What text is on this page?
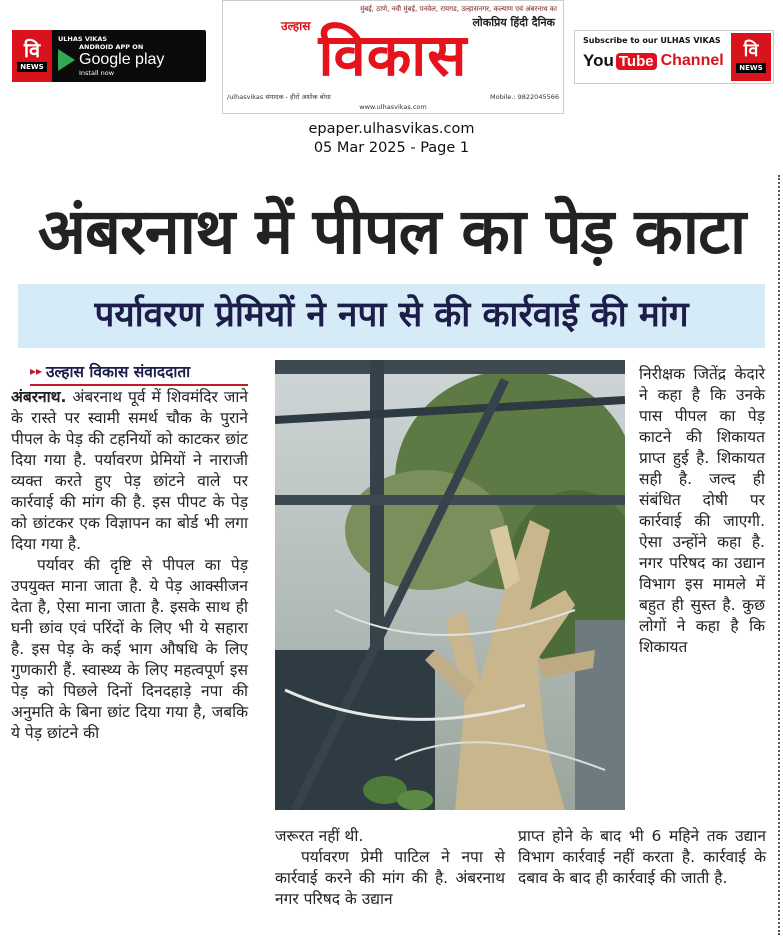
वि
NEWS
ULHAS VIKAS
ANDROID APP ON
Google play
Install now
मुंबई, ठाणे, नवी मुंबई, पनवेल, रायगड, उल्हासनगर, कल्याण एवं अंबरनाथ का
लोकप्रिय हिंदी दैनिक
उल्हास विकास
/ulhasvikas संपादक - हीरो अशोक बोधा	Mobile.: 9822045566
www.ulhasvikas.com
Subscribe to our ULHAS VIKAS
You Tube Channel वि
NEWS
epaper.ulhasvikas.com
05 Mar 2025 - Page 1
अंबरनाथ में पीपल का पेड़ काटा
पर्यावरण प्रेमियों ने नपा से की कार्रवाई की मांग
▸▸ उल्हास विकास संवाददाता

अंबरनाथ. अंबरनाथ पूर्व में शिवमंदिर जाने के रास्ते पर स्वामी समर्थ चौक के पुराने पीपल के पेड़ की टहनियों को काटकर छांट दिया गया है. पर्यावरण प्रेमियों ने नाराजी व्यक्त करते हुए पेड़ छांटने वाले पर कार्रवाई की मांग की है. इस पीपट के पेड़ को छांटकर एक विज्ञापन का बोर्ड भी लगा दिया गया है.

पर्यावर की दृष्टि से पीपल का पेड़ उपयुक्त माना जाता है. ये पेड़ आक्सीजन देता है, ऐसा माना जाता है. इसके साथ ही घनी छांव एवं परिंदों के लिए भी ये सहारा है. इस पेड़ के कई भाग औषधि के लिए गुणकारी हैं. स्वास्थ्य के लिए महत्वपूर्ण इस पेड़ को पिछले दिनों दिनदहाड़े नपा की अनुमति के बिना छांट दिया गया है, जबकि ये पेड़ छांटने की

निरीक्षक जितेंद्र केदारे ने कहा है कि उनके पास पीपल का पेड़ काटने की शिकायत प्राप्त हुई है. शिकायत सही है. जल्द ही संबंधित दोषी पर कार्रवाई की जाएगी. ऐसा उन्होंने कहा है. नगर परिषद का उद्यान विभाग इस मामले में बहुत ही सुस्त है. कुछ लोगों ने कहा है कि शिकायत

जरूरत नहीं थी.

पर्यावरण प्रेमी पाटिल ने नपा से कार्रवाई करने की मांग की है. अंबरनाथ नगर परिषद के उद्यान

प्राप्त होने के बाद भी 6 महिने तक उद्यान विभाग कार्रवाई नहीं करता है. कार्रवाई के दबाव के बाद ही कार्रवाई की जाती है.
